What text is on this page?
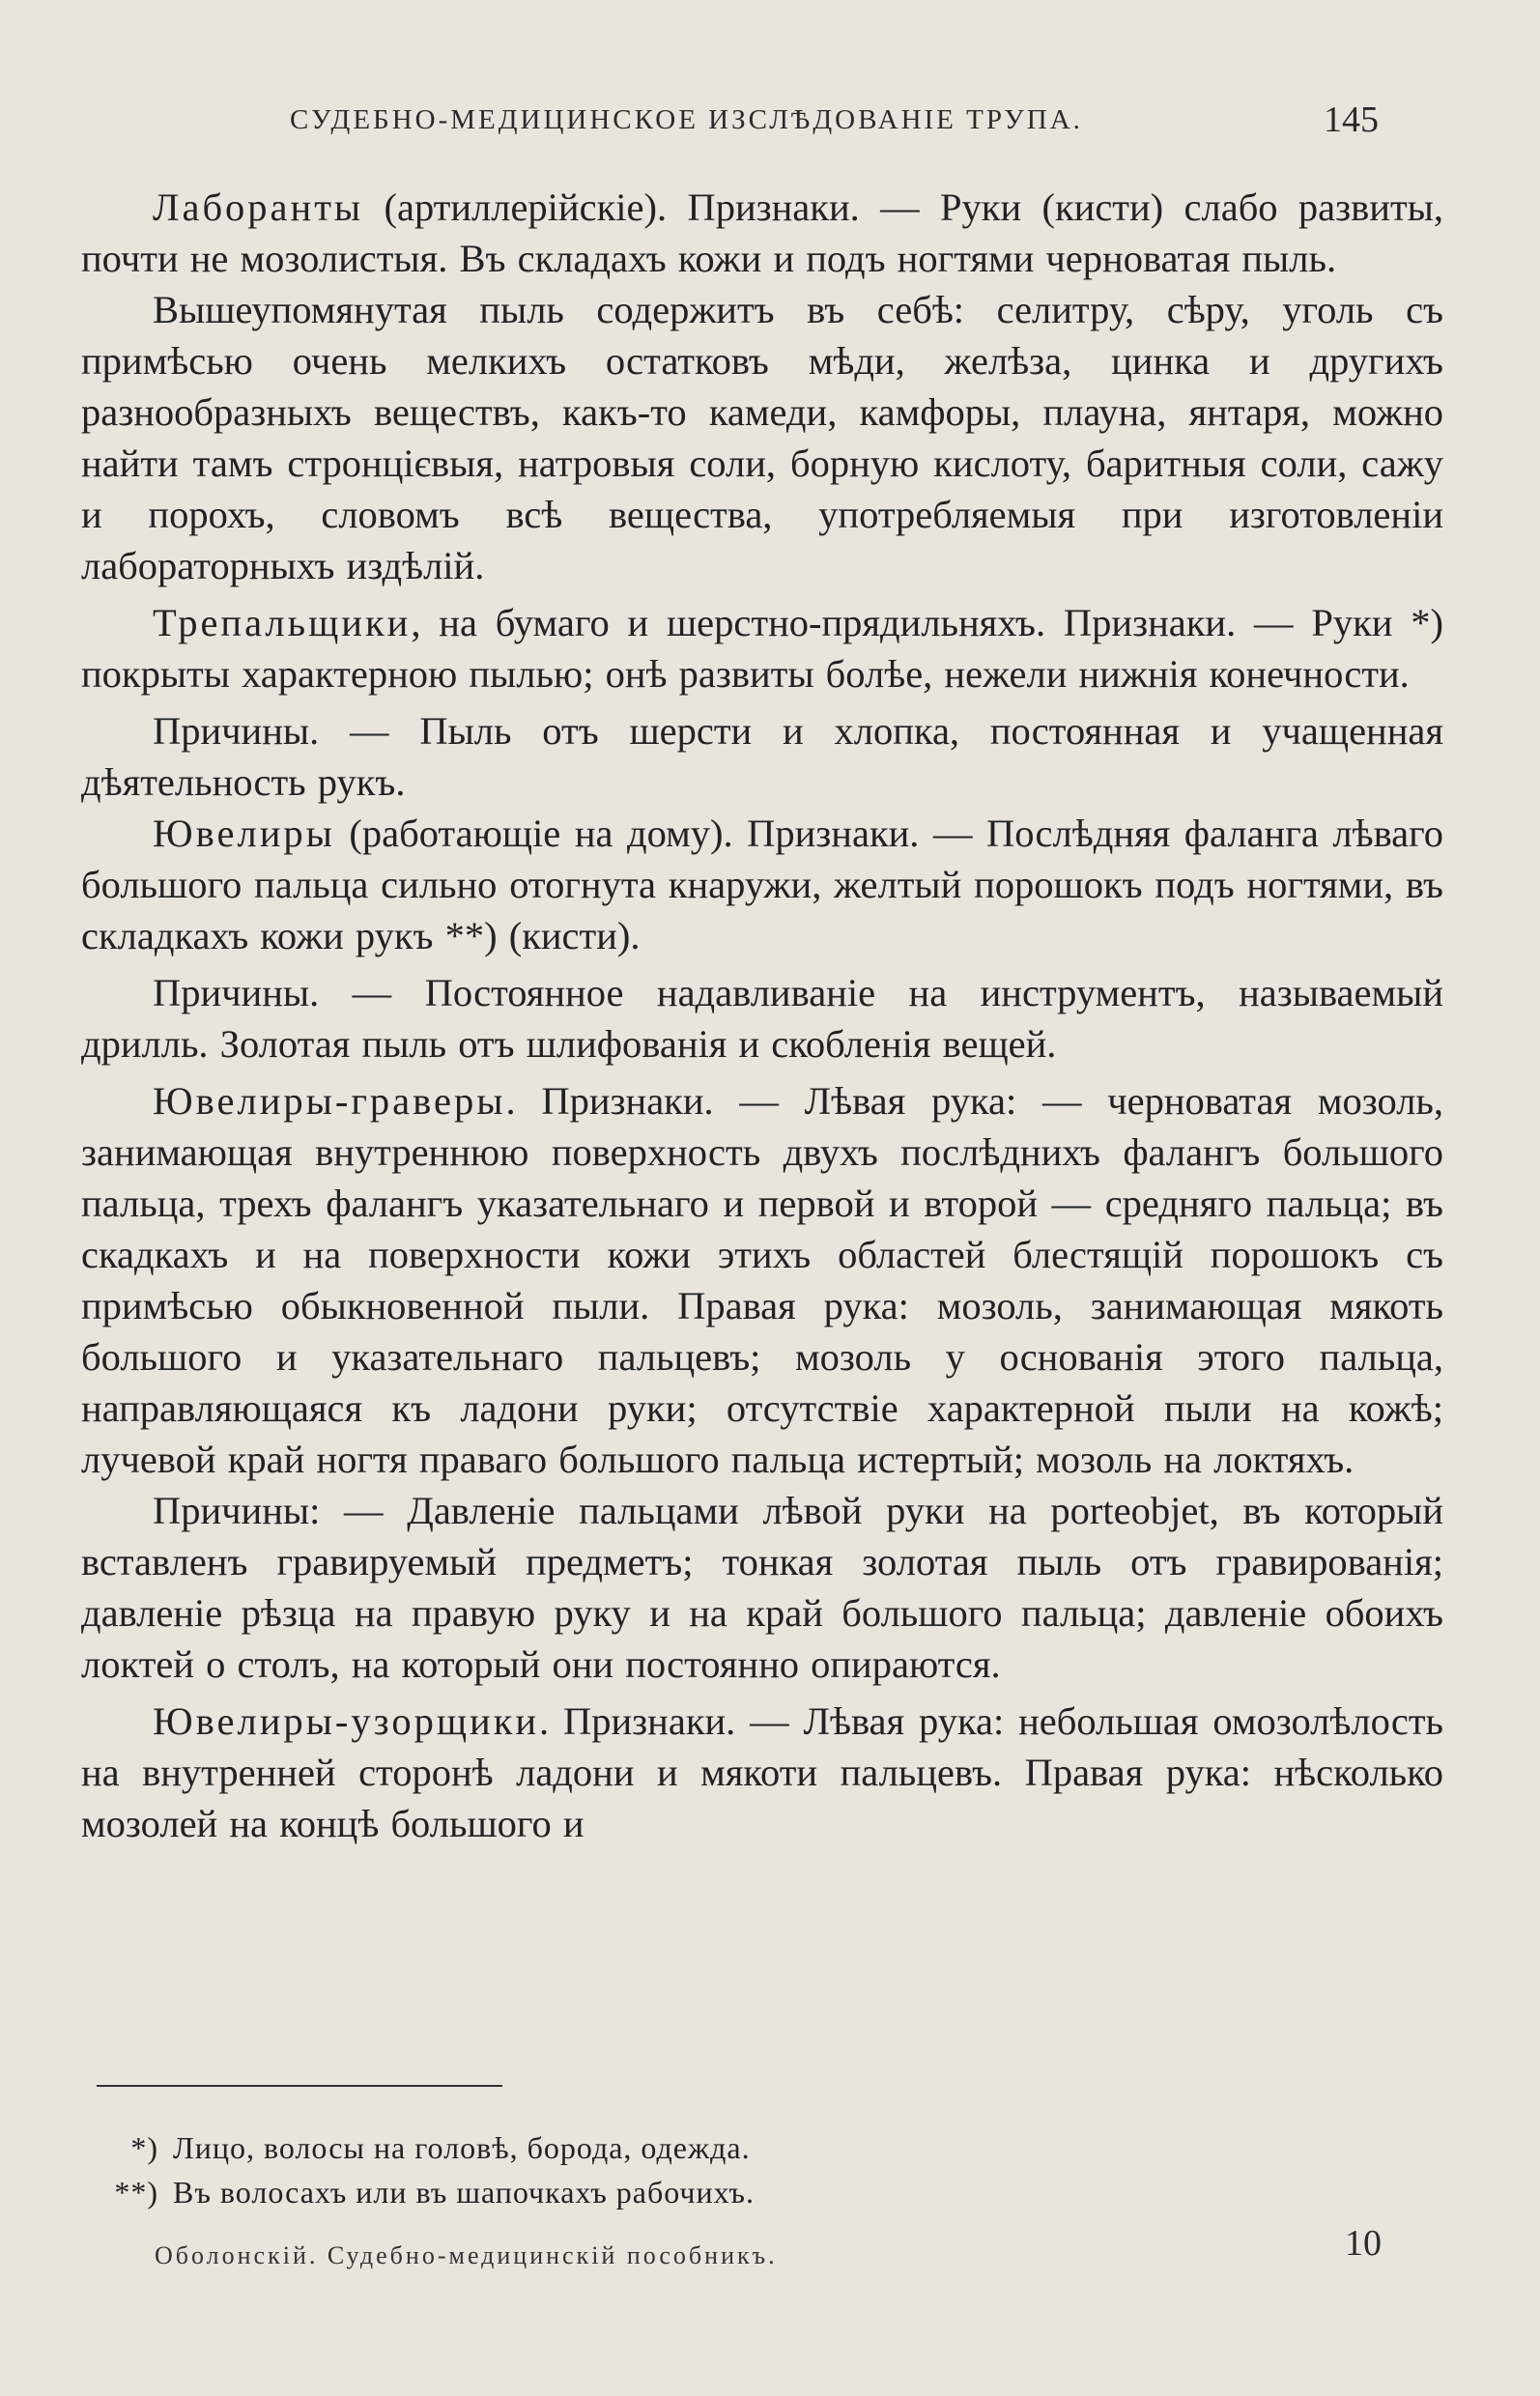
СУДЕБНО-МЕДИЦИНСКОЕ ИЗСЛѢДОВАНІЕ ТРУПА.	145

Лаборанты (артиллерійскіе). Признаки. — Руки (кисти) слабо развиты, почти не мозолистыя. Въ складахъ кожи и подъ ногтями черноватая пыль.

Вышеупомянутая пыль содержитъ въ себѣ: селитру, сѣру, уголь съ примѣсью очень мелкихъ остатковъ мѣди, желѣза, цинка и другихъ разнообразныхъ веществъ, какъ-то камеди, камфоры, плауна, янтаря, можно найти тамъ стронцієвыя, натровыя соли, борную кислоту, баритныя соли, сажу и порохъ, словомъ всѣ вещества, употребляемыя при изготовленіи лабораторныхъ издѣлій.

Трепальщики, на бумаго и шерстно-прядильняхъ. Признаки. — Руки *) покрыты характерною пылью; онѣ развиты болѣе, нежели нижнія конечности.

Причины. — Пыль отъ шерсти и хлопка, постоянная и учащенная дѣятельность рукъ.

Ювелиры (работающіе на дому). Признаки. — Послѣдняя фаланга лѣваго большого пальца сильно отогнута кнаружи, желтый порошокъ подъ ногтями, въ складкахъ кожи рукъ **) (кисти).

Причины. — Постоянное надавливаніе на инструментъ, называемый дрилль. Золотая пыль отъ шлифованія и скобленія вещей.

Ювелиры-граверы. Признаки. — Лѣвая рука: — черноватая мозоль, занимающая внутреннюю поверхность двухъ послѣднихъ фалангъ большого пальца, трехъ фалангъ указательнаго и первой и второй — средняго пальца; въ скадкахъ и на поверхности кожи этихъ областей блестящій порошокъ съ примѣсью обыкновенной пыли. Правая рука: мозоль, занимающая мякоть большого и указательнаго пальцевъ; мозоль у основанія этого пальца, направляющаяся къ ладони руки; отсутствіе характерной пыли на кожѣ; лучевой край ногтя праваго большого пальца истертый; мозоль на локтяхъ.

Причины: — Давленіе пальцами лѣвой руки на porteobjet, въ который вставленъ гравируемый предметъ; тонкая золотая пыль отъ гравированія; давленіе рѣзца на правую руку и на край большого пальца; давленіе обоихъ локтей о столъ, на который они постоянно опираются.

Ювелиры-узорщики. Признаки. — Лѣвая рука: небольшая омозолѣлость на внутренней сторонѣ ладони и мякоти пальцевъ. Правая рука: нѣсколько мозолей на концѣ большого и

*) Лицо, волосы на головѣ, борода, одежда.

**) Въ волосахъ или въ шапочкахъ рабочихъ.

Оболонскій. Судебно-медицинскій пособникъ.	10
